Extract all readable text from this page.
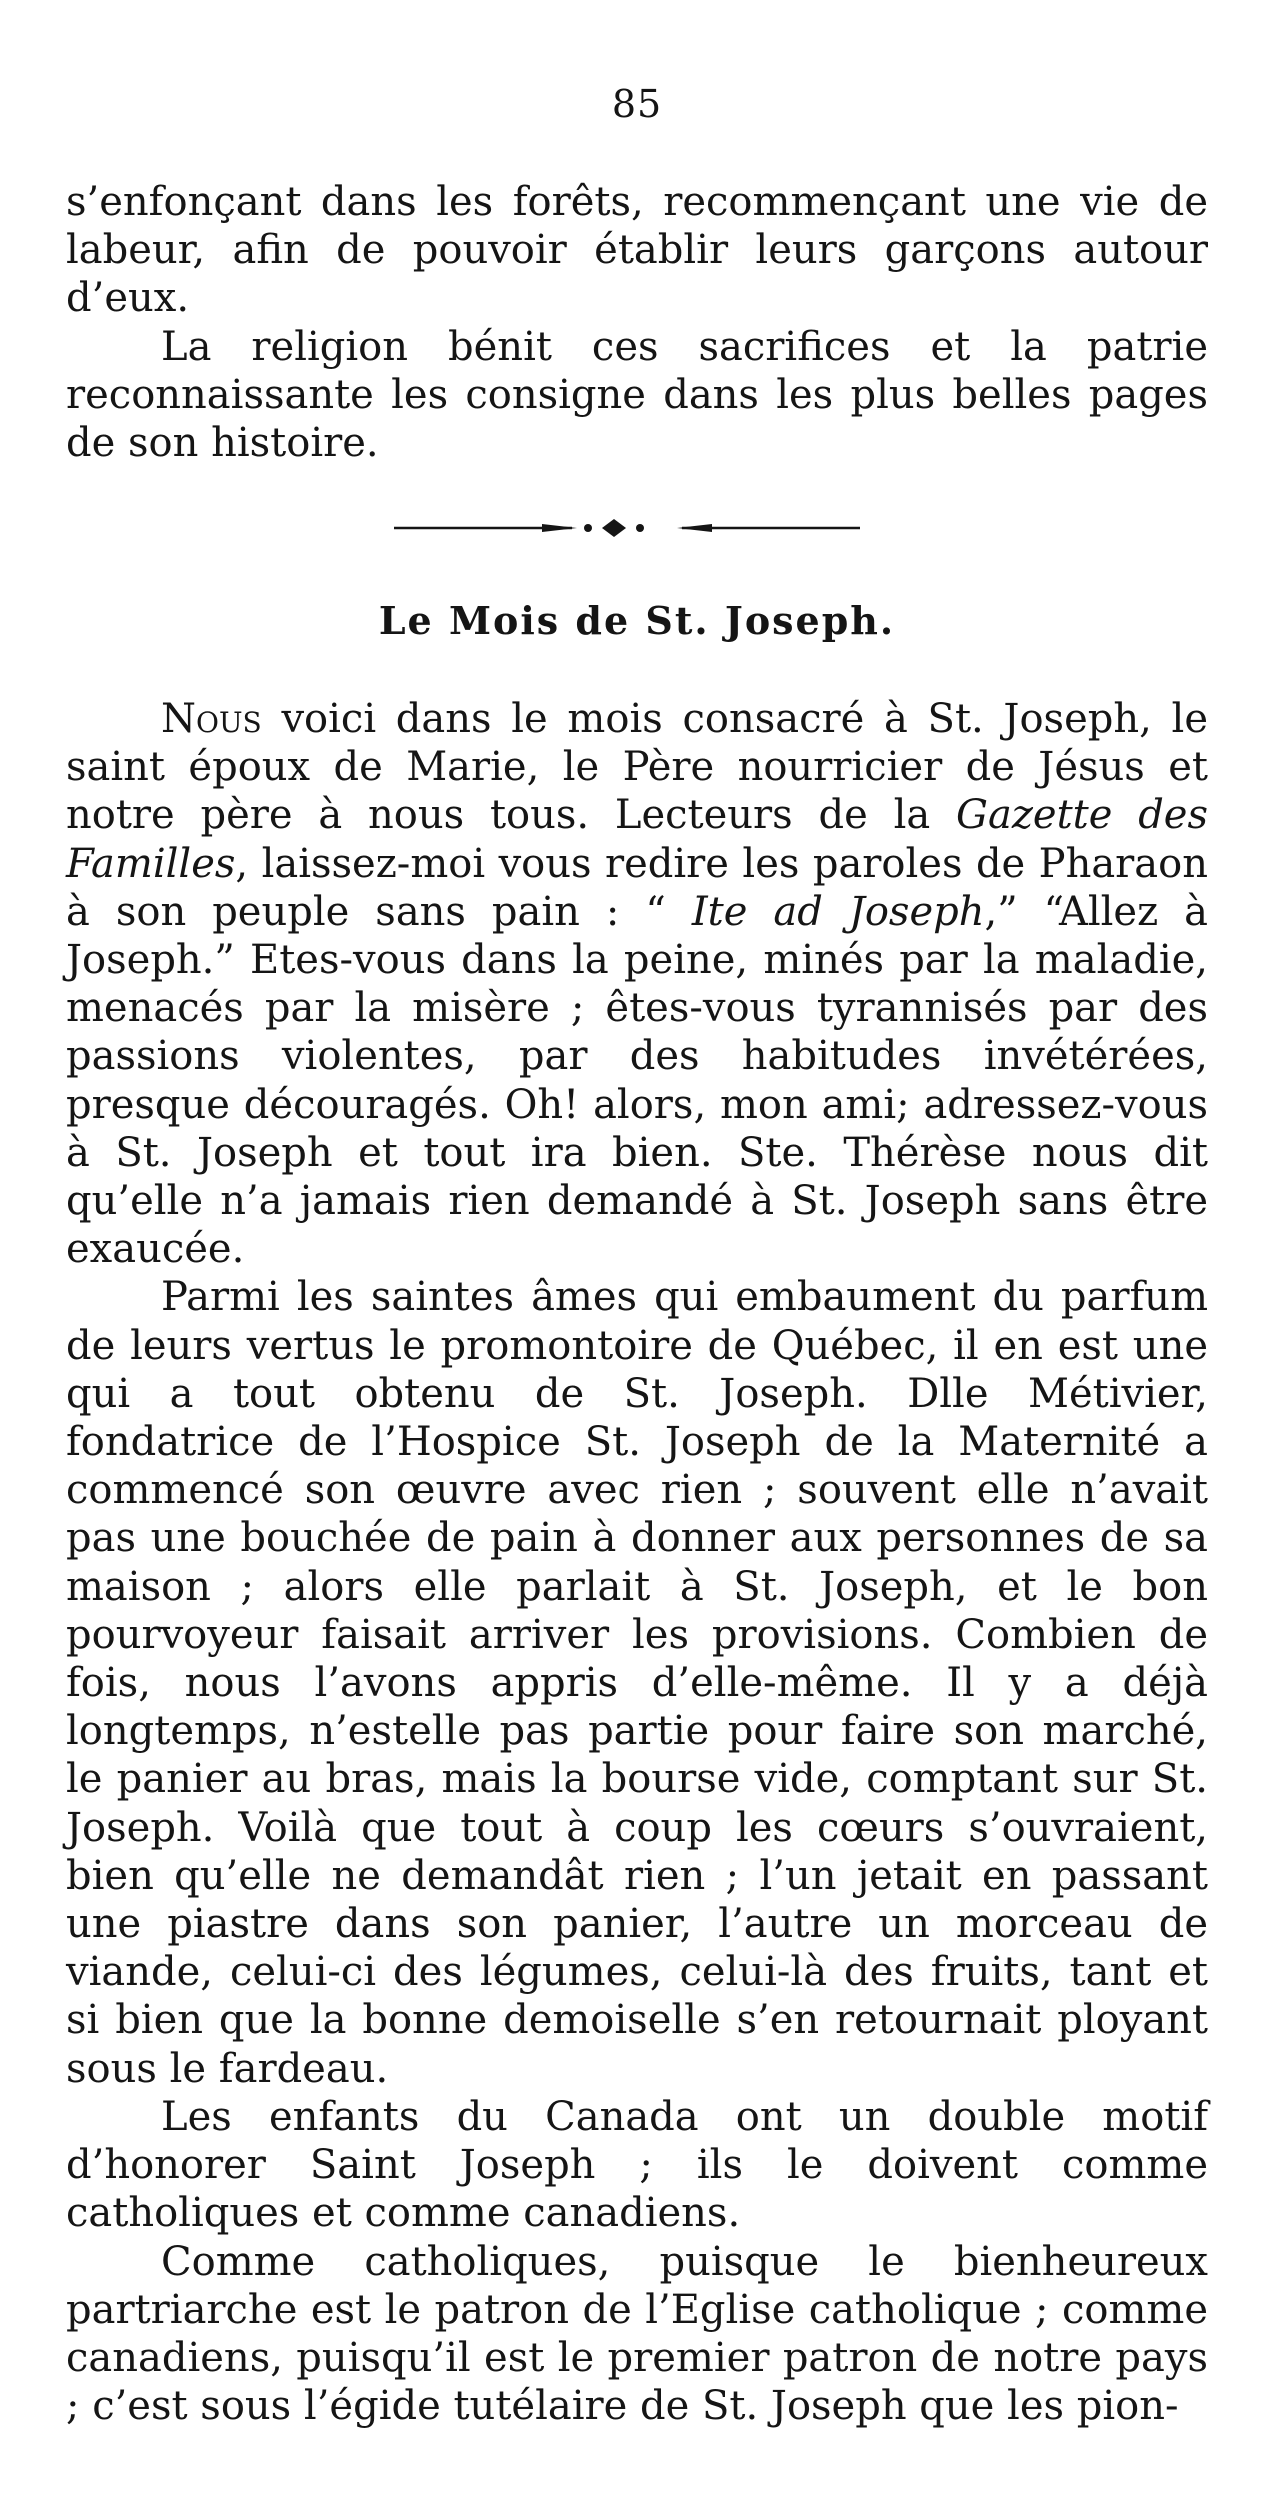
85

s’enfonçant dans les forêts, recommençant une vie de labeur, afin de pouvoir établir leurs garçons autour d’eux.

La religion bénit ces sacrifices et la patrie reconnaissante les consigne dans les plus belles pages de son histoire.

Le Mois de St. Joseph.

Nous voici dans le mois consacré à St. Joseph, le saint époux de Marie, le Père nourricier de Jésus et notre père à nous tous. Lecteurs de la Gazette des Familles, laissez-moi vous redire les paroles de Pharaon à son peuple sans pain : “ Ite ad Joseph,” “Allez à Joseph.” Etes-vous dans la peine, minés par la maladie, menacés par la misère ; êtes-vous tyrannisés par des passions violentes, par des habitudes invétérées, presque découragés. Oh! alors, mon ami; adressez-vous à St. Joseph et tout ira bien. Ste. Thérèse nous dit qu’elle n’a jamais rien demandé à St. Joseph sans être exaucée.

Parmi les saintes âmes qui embaument du parfum de leurs vertus le promontoire de Québec, il en est une qui a tout obtenu de St. Joseph. Dlle Métivier, fondatrice de l’Hospice St. Joseph de la Maternité a commencé son œuvre avec rien ; souvent elle n’avait pas une bouchée de pain à donner aux personnes de sa maison ; alors elle parlait à St. Joseph, et le bon pourvoyeur faisait arriver les provisions. Combien de fois, nous l’avons appris d’elle-même. Il y a déjà longtemps, n’estelle pas partie pour faire son marché, le panier au bras, mais la bourse vide, comptant sur St. Joseph. Voilà que tout à coup les cœurs s’ouvraient, bien qu’elle ne demandât rien ; l’un jetait en passant une piastre dans son panier, l’autre un morceau de viande, celui-ci des légumes, celui-là des fruits, tant et si bien que la bonne demoiselle s’en retournait ployant sous le fardeau.

Les enfants du Canada ont un double motif d’honorer Saint Joseph ; ils le doivent comme catholiques et comme canadiens.

Comme catholiques, puisque le bienheureux partriarche est le patron de l’Eglise catholique ; comme canadiens, puisqu’il est le premier patron de notre pays ; c’est sous l’égide tutélaire de St. Joseph que les pion-
